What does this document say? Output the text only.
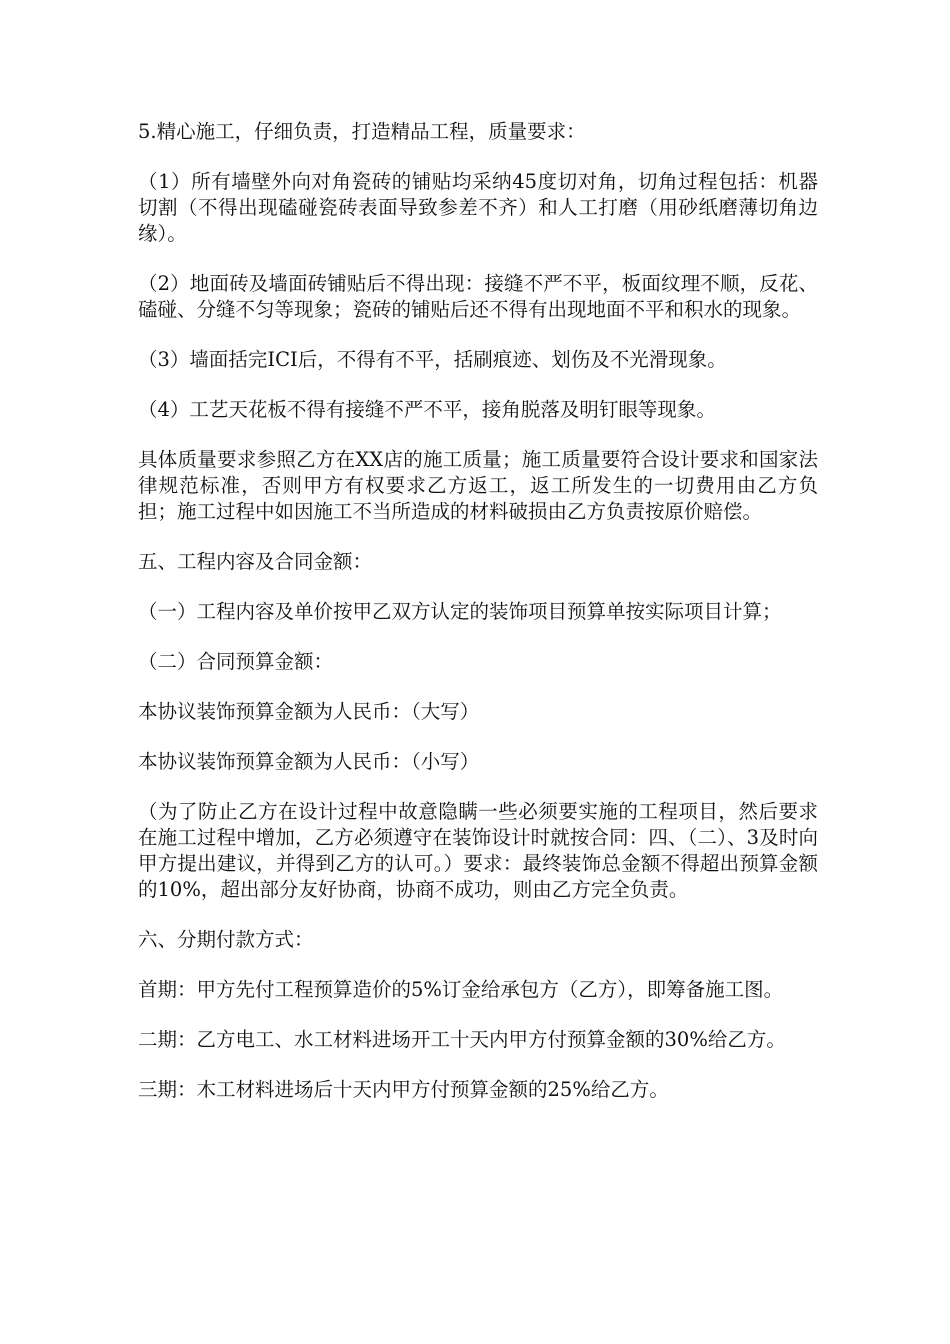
5.精心施工，仔细负责，打造精品工程，质量要求：

（1）所有墙壁外向对角瓷砖的铺贴均采纳45度切对角，切角过程包括：机器切割（不得出现磕碰瓷砖表面导致参差不齐）和人工打磨（用砂纸磨薄切角边缘）。

（2）地面砖及墙面砖铺贴后不得出现：接缝不严不平，板面纹理不顺，反花、磕碰、分缝不匀等现象；瓷砖的铺贴后还不得有出现地面不平和积水的现象。

（3）墙面括完ICI后，不得有不平，括刷痕迹、划伤及不光滑现象。

（4）工艺天花板不得有接缝不严不平，接角脱落及明钉眼等现象。

具体质量要求参照乙方在XX店的施工质量；施工质量要符合设计要求和国家法律规范标准，否则甲方有权要求乙方返工，返工所发生的一切费用由乙方负担；施工过程中如因施工不当所造成的材料破损由乙方负责按原价赔偿。

五、工程内容及合同金额：

（一）工程内容及单价按甲乙双方认定的装饰项目预算单按实际项目计算；

（二）合同预算金额：

本协议装饰预算金额为人民币：（大写）

本协议装饰预算金额为人民币：（小写）

（为了防止乙方在设计过程中故意隐瞒一些必须要实施的工程项目，然后要求在施工过程中增加，乙方必须遵守在装饰设计时就按合同：四、（二）、3及时向甲方提出建议，并得到乙方的认可。）要求：最终装饰总金额不得超出预算金额的10%，超出部分友好协商，协商不成功，则由乙方完全负责。

六、分期付款方式：

首期：甲方先付工程预算造价的5%订金给承包方（乙方），即筹备施工图。

二期：乙方电工、水工材料进场开工十天内甲方付预算金额的30%给乙方。

三期：木工材料进场后十天内甲方付预算金额的25%给乙方。
